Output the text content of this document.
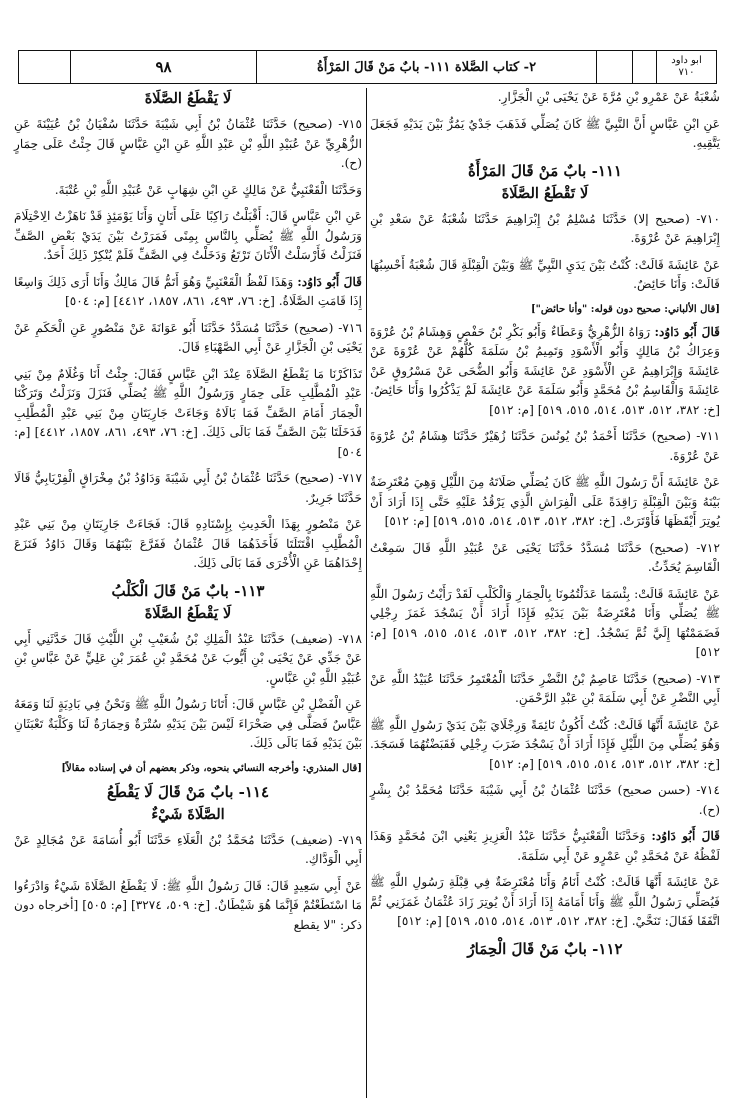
ابو داود
٧١٠
٢- كتاب الصَّلاة ١١١- بابٌ مَنْ قَالَ المَرْأَةُ
٩٨

شُعْبَةُ عَنْ عَمْرِو بْنِ مُرَّةَ عَنْ يَحْيَى بْنِ الْجَزَّارِ.

عَنِ ابْنِ عَبَّاسٍ أَنَّ النَّبِيَّ ﷺ كَانَ يُصَلِّي فَذَهَبَ جَدْيٌ يَمُرُّ بَيْنَ يَدَيْهِ فَجَعَلَ يَتَّقِيهِ.

١١١- بابٌ مَنْ قَالَ المَرْأَةُ
لَا تَقْطَعُ الصَّلَاةَ

٧١٠- (صحيح إلا) حَدَّثَنَا مُسْلِمُ بْنُ إِبْرَاهِيمَ حَدَّثَنَا شُعْبَةُ عَنْ سَعْدِ بْنِ إِبْرَاهِيمَ عَنْ عُرْوَةَ.

عَنْ عَائِشَةَ قَالَتْ: كُنْتُ بَيْنَ يَدَيِ النَّبِيِّ ﷺ وَبَيْنَ الْقِبْلَةِ قَالَ شُعْبَةُ أَحْسِبُهَا قَالَتْ: وَأَنَا حَائِضٌ.

[قال الألباني: صحيح دون قوله: "وأنا حائض"]

قَالَ أَبُو دَاوُد: رَوَاهُ الزُّهْرِيُّ وَعَطَاءٌ وَأَبُو بَكْرِ بْنُ حَفْصٍ وَهِشَامُ بْنُ عُرْوَةَ وَعِرَاكُ بْنُ مَالِكٍ وَأَبُو الْأَسْوَدِ وَتَمِيمُ بْنُ سَلَمَةَ كُلُّهُمْ عَنْ عُرْوَةَ عَنْ عَائِشَةَ وَإِبْرَاهِيمُ عَنِ الْأَسْوَدِ عَنْ عَائِشَةَ وَأَبُو الضُّحَى عَنْ مَسْرُوقٍ عَنْ عَائِشَةَ وَالْقَاسِمُ بْنُ مُحَمَّدٍ وَأَبُو سَلَمَةَ عَنْ عَائِشَةَ لَمْ يَذْكُرُوا وَأَنَا حَائِضٌ. [خ: ٣٨٢، ٥١٢، ٥١٣، ٥١٤، ٥١٥، ٥١٩] [م: ٥١٢]

٧١١- (صحيح) حَدَّثَنَا أَحْمَدُ بْنُ يُونُسَ حَدَّثَنَا زُهَيْرٌ حَدَّثَنَا هِشَامُ بْنُ عُرْوَةَ عَنْ عُرْوَةَ.

عَنْ عَائِشَةَ أَنَّ رَسُولَ اللَّهِ ﷺ كَانَ يُصَلِّي صَلَاتَهُ مِنَ اللَّيْلِ وَهِيَ مُعْتَرِضَةٌ بَيْنَهُ وَبَيْنَ الْقِبْلَةِ رَاقِدَةً عَلَى الْفِرَاشِ الَّذِي يَرْقُدُ عَلَيْهِ حَتَّى إِذَا أَرَادَ أَنْ يُوتِرَ أَيْقَظَهَا فَأَوْتَرَتْ. [خ: ٣٨٢، ٥١٢، ٥١٣، ٥١٤، ٥١٥، ٥١٩] [م: ٥١٢]

٧١٢- (صحيح) حَدَّثَنَا مُسَدَّدٌ حَدَّثَنَا يَحْيَى عَنْ عُبَيْدِ اللَّهِ قَالَ سَمِعْتُ الْقَاسِمَ يُحَدِّثُ.

عَنْ عَائِشَةَ قَالَتْ: بِئْسَمَا عَدَلْتُمُونَا بِالْحِمَارِ وَالْكَلْبِ لَقَدْ رَأَيْتُ رَسُولَ اللَّهِ ﷺ يُصَلِّي وَأَنَا مُعْتَرِضَةٌ بَيْنَ يَدَيْهِ فَإِذَا أَرَادَ أَنْ يَسْجُدَ غَمَزَ رِجْلِي فَضَمَمْتُهَا إِلَيَّ ثُمَّ يَسْجُدُ. [خ: ٣٨٢، ٥١٢، ٥١٣، ٥١٤، ٥١٥، ٥١٩] [م: ٥١٢]

٧١٣- (صحيح) حَدَّثَنَا عَاصِمُ بْنُ النَّضْرِ حَدَّثَنَا الْمُعْتَمِرُ حَدَّثَنَا عُبَيْدُ اللَّهِ عَنْ أَبِي النَّضْرِ عَنْ أَبِي سَلَمَةَ بْنِ عَبْدِ الرَّحْمَنِ.

عَنْ عَائِشَةَ أَنَّهَا قَالَتْ: كُنْتُ أَكُونُ نَائِمَةً وَرِجْلَايَ بَيْنَ يَدَيْ رَسُولِ اللَّهِ ﷺ وَهُوَ يُصَلِّي مِنَ اللَّيْلِ فَإِذَا أَرَادَ أَنْ يَسْجُدَ ضَرَبَ رِجْلِي فَقَبَضْتُهُمَا فَسَجَدَ. [خ: ٣٨٢، ٥١٢، ٥١٣، ٥١٤، ٥١٥، ٥١٩] [م: ٥١٢]

٧١٤- (حسن صحيح) حَدَّثَنَا عُثْمَانُ بْنُ أَبِي شَيْبَةَ حَدَّثَنَا مُحَمَّدُ بْنُ بِشْرٍ (ح).

قَالَ أَبُو دَاوُد: وَحَدَّثَنَا الْقَعْنَبِيُّ حَدَّثَنَا عَبْدُ الْعَزِيزِ يَعْنِي ابْنَ مُحَمَّدٍ وَهَذَا لَفْظُهُ عَنْ مُحَمَّدِ بْنِ عَمْرٍو عَنْ أَبِي سَلَمَةَ.

عَنْ عَائِشَةَ أَنَّهَا قَالَتْ: كُنْتُ أَنَامُ وَأَنَا مُعْتَرِضَةٌ فِي قِبْلَةِ رَسُولِ اللَّهِ ﷺ فَيُصَلِّي رَسُولُ اللَّهِ ﷺ وَأَنَا أَمَامَهُ إِذَا أَرَادَ أَنْ يُوتِرَ زَادَ عُثْمَانُ غَمَزَنِي ثُمَّ اتَّفَقَا فَقَالَ: تَنَحَّيْ. [خ: ٣٨٢، ٥١٢، ٥١٣، ٥١٤، ٥١٥، ٥١٩] [م: ٥١٢]

١١٢- بابٌ مَنْ قَالَ الْحِمَارُ
لَا يَقْطَعُ الصَّلَاةَ

٧١٥- (صحيح) حَدَّثَنَا عُثْمَانُ بْنُ أَبِي شَيْبَةَ حَدَّثَنَا سُفْيَانُ بْنُ عُيَيْنَةَ عَنِ الزُّهْرِيِّ عَنْ عُبَيْدِ اللَّهِ بْنِ عَبْدِ اللَّهِ عَنِ ابْنِ عَبَّاسٍ قَالَ جِئْتُ عَلَى حِمَارٍ (ح).

وَحَدَّثَنَا الْقَعْنَبِيُّ عَنْ مَالِكٍ عَنِ ابْنِ شِهَابٍ عَنْ عُبَيْدِ اللَّهِ بْنِ عُتْبَةَ.

عَنِ ابْنِ عَبَّاسٍ قَالَ: أَقْبَلْتُ رَاكِبًا عَلَى أَتَانٍ وَأَنَا يَوْمَئِذٍ قَدْ نَاهَزْتُ الِاحْتِلَامَ وَرَسُولُ اللَّهِ ﷺ يُصَلِّي بِالنَّاسِ بِمِنًى فَمَرَرْتُ بَيْنَ يَدَيْ بَعْضِ الصَّفِّ فَنَزَلْتُ فَأَرْسَلْتُ الْأَتَانَ تَرْتَعُ وَدَخَلْتُ فِي الصَّفِّ فَلَمْ يُنْكِرْ ذَلِكَ أَحَدٌ.

قَالَ أَبُو دَاوُد: وَهَذَا لَفْظُ الْقَعْنَبِيِّ وَهُوَ أَتَمُّ قَالَ مَالِكٌ وَأَنَا أَرَى ذَلِكَ وَاسِعًا إِذَا قَامَتِ الصَّلَاةُ. [خ: ٧٦، ٤٩٣، ٨٦١، ١٨٥٧، ٤٤١٢] [م: ٥٠٤]

٧١٦- (صحيح) حَدَّثَنَا مُسَدَّدٌ حَدَّثَنَا أَبُو عَوَانَةَ عَنْ مَنْصُورٍ عَنِ الْحَكَمِ عَنْ يَحْيَى بْنِ الْجَزَّارِ عَنْ أَبِي الصَّهْبَاءِ قَالَ.

تَذَاكَرْنَا مَا يَقْطَعُ الصَّلَاةَ عِنْدَ ابْنِ عَبَّاسٍ فَقَالَ: جِئْتُ أَنَا وَغُلَامٌ مِنْ بَنِي عَبْدِ الْمُطَّلِبِ عَلَى حِمَارٍ وَرَسُولُ اللَّهِ ﷺ يُصَلِّي فَنَزَلَ وَنَزَلْتُ وَتَرَكْنَا الْحِمَارَ أَمَامَ الصَّفِّ فَمَا بَالَاهُ وَجَاءَتْ جَارِيَتَانِ مِنْ بَنِي عَبْدِ الْمُطَّلِبِ فَدَخَلَتَا بَيْنَ الصَّفِّ فَمَا بَالَى ذَلِكَ. [خ: ٧٦، ٤٩٣، ٨٦١، ١٨٥٧، ٤٤١٢] [م: ٥٠٤]

٧١٧- (صحيح) حَدَّثَنَا عُثْمَانُ بْنُ أَبِي شَيْبَةَ وَدَاوُدُ بْنُ مِخْرَاقٍ الْفِرْيَابِيُّ قَالَا حَدَّثَنَا جَرِيرٌ.

عَنْ مَنْصُورٍ بِهَذَا الْحَدِيثِ بِإِسْنَادِهِ قَالَ: فَجَاءَتْ جَارِيَتَانِ مِنْ بَنِي عَبْدِ الْمُطَّلِبِ اقْتَتَلَتَا فَأَخَذَهُمَا قَالَ عُثْمَانُ فَفَرَّعَ بَيْنَهُمَا وَقَالَ دَاوُدُ فَنَزَعَ إِحْدَاهُمَا عَنِ الْأُخْرَى فَمَا بَالَى ذَلِكَ.

١١٣- بابٌ مَنْ قَالَ الْكَلْبُ
لَا يَقْطَعُ الصَّلَاةَ

٧١٨- (ضعيف) حَدَّثَنَا عَبْدُ الْمَلِكِ بْنُ شُعَيْبِ بْنِ اللَّيْثِ قَالَ حَدَّثَنِي أَبِي عَنْ جَدِّي عَنْ يَحْيَى بْنِ أَيُّوبَ عَنْ مُحَمَّدِ بْنِ عُمَرَ بْنِ عَلِيٍّ عَنْ عَبَّاسِ بْنِ عُبَيْدِ اللَّهِ بْنِ عَبَّاسٍ.

عَنِ الْفَضْلِ بْنِ عَبَّاسٍ قَالَ: أَتَانَا رَسُولُ اللَّهِ ﷺ وَنَحْنُ فِي بَادِيَةٍ لَنَا وَمَعَهُ عَبَّاسٌ فَصَلَّى فِي صَحْرَاءَ لَيْسَ بَيْنَ يَدَيْهِ سُتْرَةٌ وَحِمَارَةٌ لَنَا وَكَلْبَةٌ تَعْبَثَانِ بَيْنَ يَدَيْهِ فَمَا بَالَى ذَلِكَ.

[قال المنذري: وأخرجه النسائي بنحوه، وذكر بعضهم أن في إسناده مقالاً]
١١٤- بابٌ مَنْ قَالَ لَا يَقْطَعُ
الصَّلَاةَ شَيْءٌ

٧١٩- (ضعيف) حَدَّثَنَا مُحَمَّدُ بْنُ الْعَلَاءِ حَدَّثَنَا أَبُو أُسَامَةَ عَنْ مُجَالِدٍ عَنْ أَبِي الْوَدَّاكِ.

عَنْ أَبِي سَعِيدٍ قَالَ: قَالَ رَسُولُ اللَّهِ ﷺ: لَا يَقْطَعُ الصَّلَاةَ شَيْءٌ وَادْرَءُوا مَا اسْتَطَعْتُمْ فَإِنَّمَا هُوَ شَيْطَانٌ. [خ: ٥٠٩، ٣٢٧٤] [م: ٥٠٥] [أخرجاه دون ذكر: "لا يقطع
